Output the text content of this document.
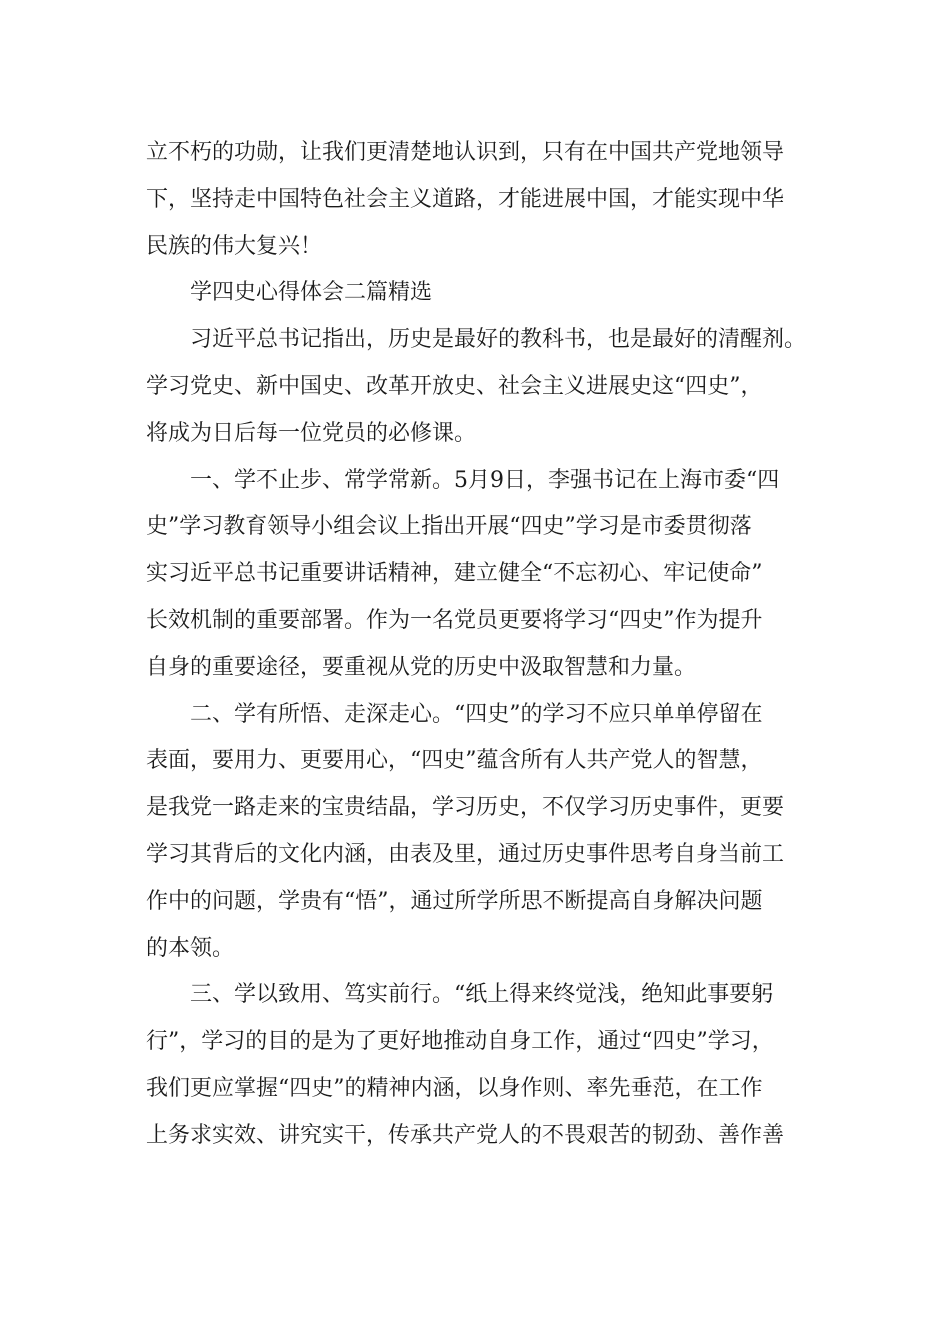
立不朽的功勋，让我们更清楚地认识到，只有在中国共产党地领导
下，坚持走中国特色社会主义道路，才能进展中国，才能实现中华
民族的伟大复兴！
学四史心得体会二篇精选
习近平总书记指出，历史是最好的教科书，也是最好的清醒剂。
学习党史、新中国史、改革开放史、社会主义进展史这“四史”，
将成为日后每一位党员的必修课。
一、学不止步、常学常新。5月9日，李强书记在上海市委“四
史”学习教育领导小组会议上指出开展“四史”学习是市委贯彻落
实习近平总书记重要讲话精神，建立健全“不忘初心、牢记使命”
长效机制的重要部署。作为一名党员更要将学习“四史”作为提升
自身的重要途径，要重视从党的历史中汲取智慧和力量。
二、学有所悟、走深走心。“四史”的学习不应只单单停留在
表面，要用力、更要用心，“四史”蕴含所有人共产党人的智慧，
是我党一路走来的宝贵结晶，学习历史，不仅学习历史事件，更要
学习其背后的文化内涵，由表及里，通过历史事件思考自身当前工
作中的问题，学贵有“悟”，通过所学所思不断提高自身解决问题
的本领。
三、学以致用、笃实前行。“纸上得来终觉浅，绝知此事要躬
行”，学习的目的是为了更好地推动自身工作，通过“四史”学习，
我们更应掌握“四史”的精神内涵，以身作则、率先垂范，在工作
上务求实效、讲究实干，传承共产党人的不畏艰苦的韧劲、善作善
